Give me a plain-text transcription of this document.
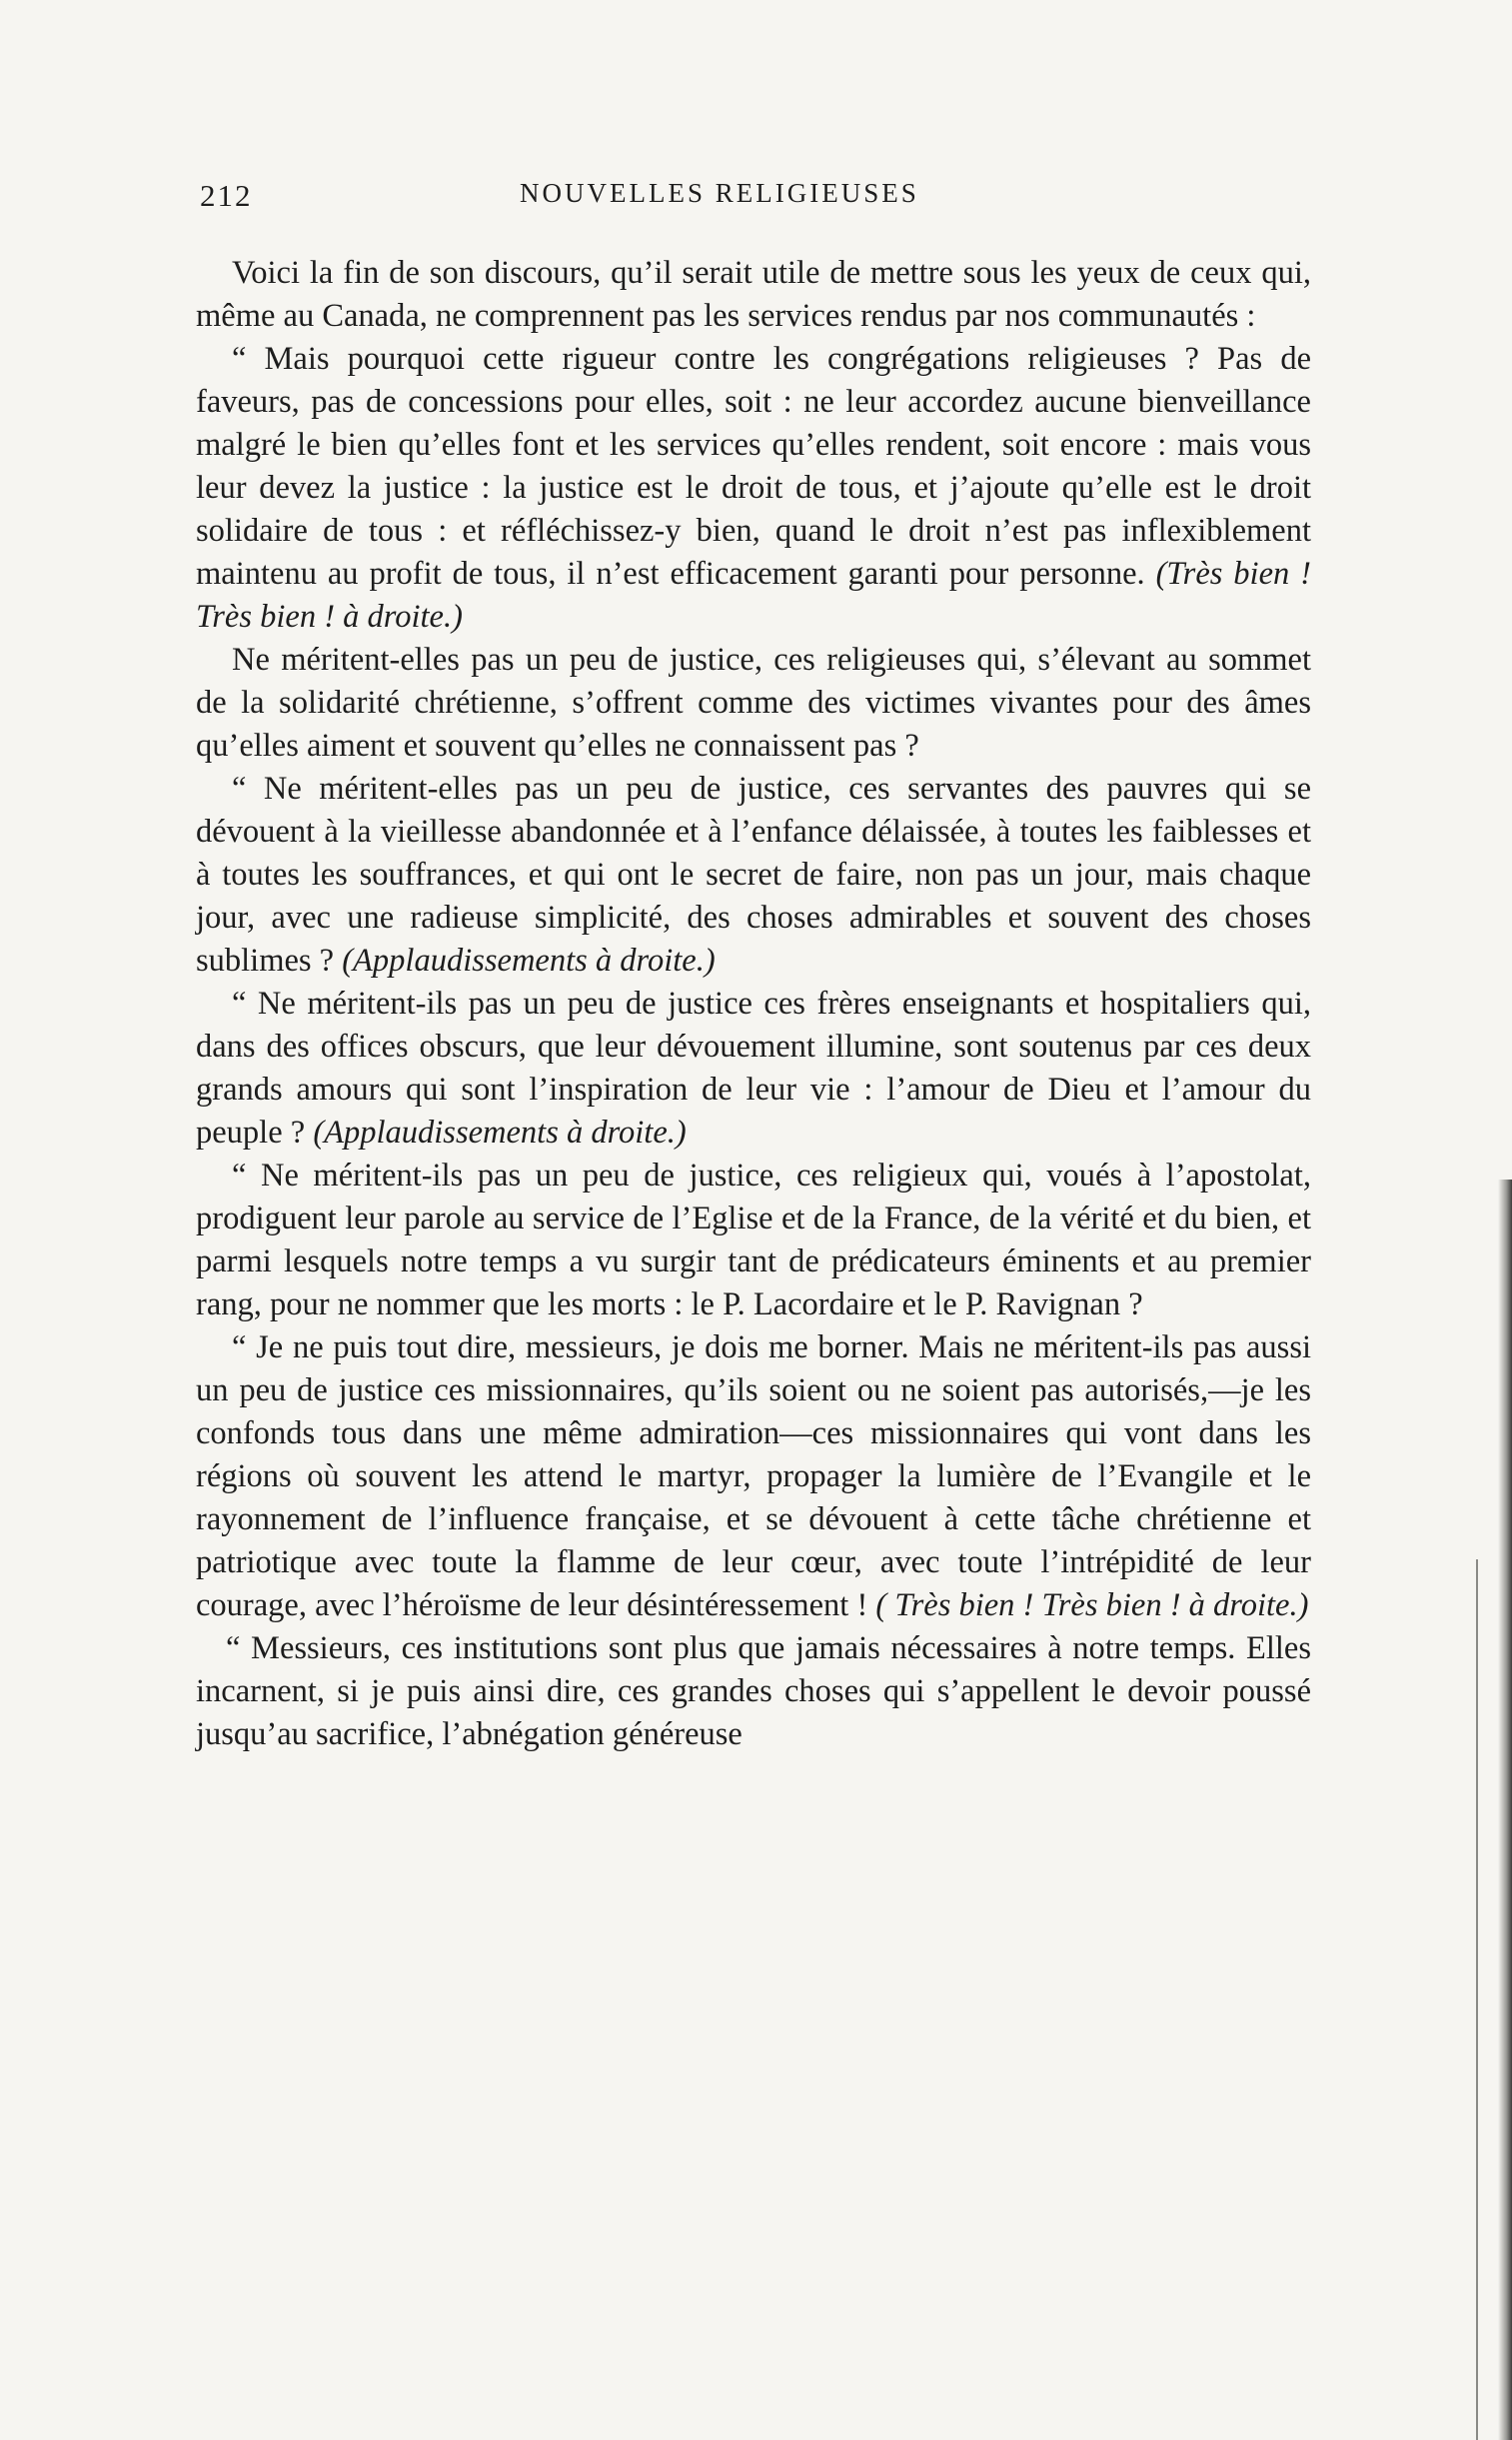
212	NOUVELLES RELIGIEUSES

Voici la fin de son discours, qu’il serait utile de mettre sous les yeux de ceux qui, même au Canada, ne comprennent pas les services rendus par nos communautés :

“ Mais pourquoi cette rigueur contre les congrégations religieuses ? Pas de faveurs, pas de concessions pour elles, soit : ne leur accordez aucune bienveillance malgré le bien qu’elles font et les services qu’elles rendent, soit encore : mais vous leur devez la justice : la justice est le droit de tous, et j’ajoute qu’elle est le droit solidaire de tous : et réfléchissez-y bien, quand le droit n’est pas inflexiblement maintenu au profit de tous, il n’est efficacement garanti pour personne. (Très bien ! Très bien ! à droite.)

Ne méritent-elles pas un peu de justice, ces religieuses qui, s’élevant au sommet de la solidarité chrétienne, s’offrent comme des victimes vivantes pour des âmes qu’elles aiment et souvent qu’elles ne connaissent pas ?

“ Ne méritent-elles pas un peu de justice, ces servantes des pauvres qui se dévouent à la vieillesse abandonnée et à l’enfance délaissée, à toutes les faiblesses et à toutes les souffrances, et qui ont le secret de faire, non pas un jour, mais chaque jour, avec une radieuse simplicité, des choses admirables et souvent des choses sublimes ? (Applaudissements à droite.)

“ Ne méritent-ils pas un peu de justice ces frères enseignants et hospitaliers qui, dans des offices obscurs, que leur dévouement illumine, sont soutenus par ces deux grands amours qui sont l’inspiration de leur vie : l’amour de Dieu et l’amour du peuple ? (Applaudissements à droite.)

“ Ne méritent-ils pas un peu de justice, ces religieux qui, voués à l’apostolat, prodiguent leur parole au service de l’Eglise et de la France, de la vérité et du bien, et parmi lesquels notre temps a vu surgir tant de prédicateurs éminents et au premier rang, pour ne nommer que les morts : le P. Lacordaire et le P. Ravignan ?

“ Je ne puis tout dire, messieurs, je dois me borner. Mais ne méritent-ils pas aussi un peu de justice ces missionnaires, qu’ils soient ou ne soient pas autorisés,—je les confonds tous dans une même admiration—ces missionnaires qui vont dans les régions où souvent les attend le martyr, propager la lumière de l’Evangile et le rayonnement de l’influence française, et se dévouent à cette tâche chrétienne et patriotique avec toute la flamme de leur cœur, avec toute l’intrépidité de leur courage, avec l’héroïsme de leur désintéressement ! ( Très bien ! Très bien ! à droite.)

“ Messieurs, ces institutions sont plus que jamais nécessaires à notre temps. Elles incarnent, si je puis ainsi dire, ces grandes choses qui s’appellent le devoir poussé jusqu’au sacrifice, l’abnégation généreuse
